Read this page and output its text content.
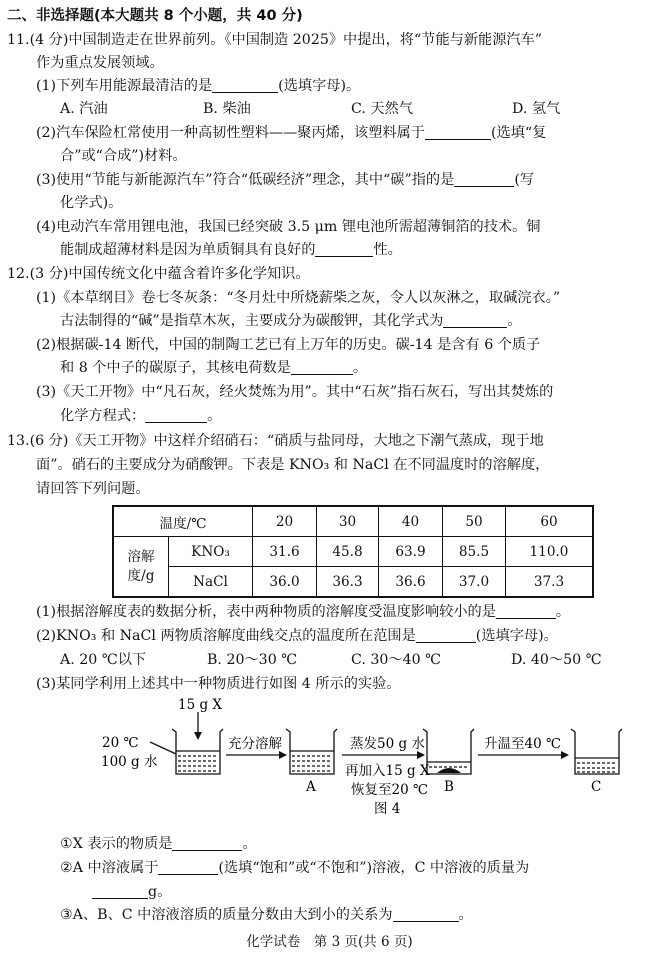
二、非选择题(本大题共 8 个小题，共 40 分)
11.(4 分)中国制造走在世界前列。《中国制造 2025》中提出，将“节能与新能源汽车”
作为重点发展领域。
(1)下列车用能源最清洁的是	(选填字母)。
A. 汽油	B. 柴油	C. 天然气	D. 氢气
(2)汽车保险杠常使用一种高韧性塑料——聚丙烯，该塑料属于	(选填“复
合”或“合成”)材料。
(3)使用“节能与新能源汽车”符合“低碳经济”理念，其中“碳”指的是	(写
化学式)。
(4)电动汽车常用锂电池，我国已经突破 3.5 μm 锂电池所需超薄铜箔的技术。铜
能制成超薄材料是因为单质铜具有良好的	性。
12.(3 分)中国传统文化中蕴含着许多化学知识。
(1)《本草纲目》卷七冬灰条：“冬月灶中所烧薪柴之灰，令人以灰淋之，取碱浣衣。”
古法制得的“碱”是指草木灰，主要成分为碳酸钾，其化学式为	。
(2)根据碳-14 断代，中国的制陶工艺已有上万年的历史。碳-14 是含有 6 个质子
和 8 个中子的碳原子，其核电荷数是	。
(3)《天工开物》中“凡石灰，经火焚炼为用”。其中“石灰”指石灰石，写出其焚炼的
化学方程式：	。
13.(6 分)《天工开物》中这样介绍硝石：“硝质与盐同母，大地之下潮气蒸成，现于地
面”。硝石的主要成分为硝酸钾。下表是 KNO₃ 和 NaCl 在不同温度时的溶解度，
请回答下列问题。
温度/℃		20	30	40	50	60
溶解度/g	KNO₃	31.6	45.8	63.9	85.5	110.0
	NaCl	36.0	36.3	36.6	37.0	37.3
(1)根据溶解度表的数据分析，表中两种物质的溶解度受温度影响较小的是	。
(2)KNO₃ 和 NaCl 两物质溶解度曲线交点的温度所在范围是	(选填字母)。
A. 20 ℃以下	B. 20～30 ℃	C. 30～40 ℃	D. 40～50 ℃
(3)某同学利用上述其中一种物质进行如图 4 所示的实验。
15 g X
20 ℃
100 g 水
充分溶解	蒸发50 g 水
再加入15 g X
恢复至20 ℃
升温至40 ℃
A	B	C
图 4
①X 表示的物质是	。
②A 中溶液属于	(选填“饱和”或“不饱和”)溶液，C 中溶液的质量为
g。
③A、B、C 中溶液溶质的质量分数由大到小的关系为	。
化学试卷　第 3 页(共 6 页)
